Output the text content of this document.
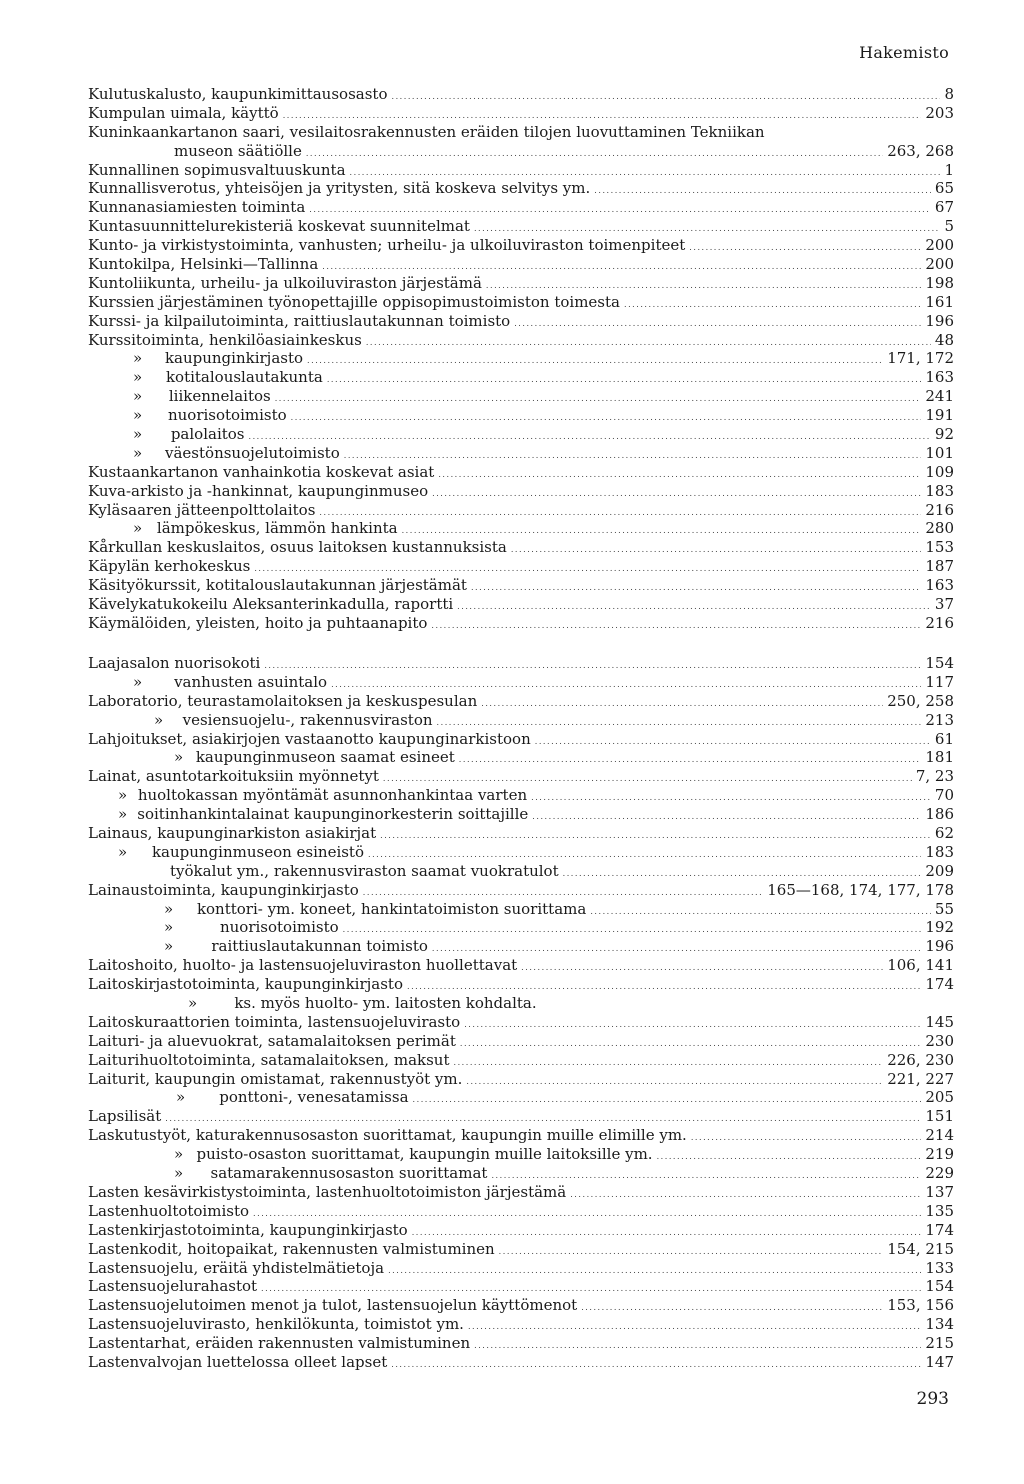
Hakemisto
Kulutuskalusto, kaupunkimittausosasto . . .	8
Kumpulan uimala, käyttö . . .	203
Kuninkaankartanon saari, vesilaitosrakennusten eräiden tilojen luovuttaminen Tekniikan
museon säätiölle . . .	263, 268
Kunnallinen sopimusvaltuuskunta . . .	1
Kunnallisverotus, yhteisöjen ja yritysten, sitä koskeva selvitys ym. . . .	65
Kunnanasiamiesten toiminta . . .	67
Kuntasuunnittelurekisteriä koskevat suunnitelmat . . .	5
Kunto- ja virkistystoiminta, vanhusten; urheilu- ja ulkoiluviraston toimenpiteet . . .	200
Kuntokilpa, Helsinki—Tallinna . . .	200
Kuntoliikunta, urheilu- ja ulkoiluviraston järjestämä . . .	198
Kurssien järjestäminen työnopettajille oppisopimustoimiston toimesta . . .	161
Kurssi- ja kilpailutoiminta, raittiuslautakunnan toimisto . . .	196
Kurssitoiminta, henkilöasiainkeskus . . .	48
»	kaupunginkirjasto . . .	171, 172
»	kotitalouslautakunta . . .	163
»	liikennelaitos . . .	241
»	nuorisotoimisto . . .	191
»	palolaitos . . .	92
»	väestönsuojelutoimisto . . .	101
Kustaankartanon vanhainkotia koskevat asiat . . .	109
Kuva-arkisto ja -hankinnat, kaupunginmuseo . . .	183
Kyläsaaren jätteenpolttolaitos . . .	216
» lämpökeskus, lämmön hankinta . . .	280
Kårkullan keskuslaitos, osuus laitoksen kustannuksista . . .	153
Käpylän kerhokeskus . . .	187
Käsityökurssit, kotitalouslautakunnan järjestämät . . .	163
Kävelykatukokeilu Aleksanterinkadulla, raportti . . .	37
Käymälöiden, yleisten, hoito ja puhtaanapito . . .	216
Laajasalon nuorisokoti . . .	154
»	vanhusten asuintalo . . .	117
Laboratorio, teurastamolaitoksen ja keskuspesulan . . .	250, 258
»	vesiensuojelu-, rakennusviraston . . .	213
Lahjoitukset, asiakirjojen vastaanotto kaupunginarkistoon . . .	61
» kaupunginmuseon saamat esineet . . .	181
Lainat, asuntotarkoituksiin myönnetyt . . .	7, 23
» huoltokassan myöntämät asunnonhankintaa varten . . .	70
» soitinhankintalainat kaupunginorkesterin soittajille . . .	186
Lainaus, kaupunginarkiston asiakirjat . . .	62
»	kaupunginmuseon esineistö . . .	183
työkalut ym., rakennusviraston saamat vuokratulot . . .	209
Lainaustoiminta, kaupunginkirjasto . . .	165—168, 174, 177, 178
»	konttori- ym. koneet, hankintatoimiston suorittama . . .	55
»	nuorisotoimisto . . .	192
»	raittiuslautakunnan toimisto . . .	196
Laitoshoito, huolto- ja lastensuojeluviraston huollettavat . . .	106, 141
Laitoskirjastotoiminta, kaupunginkirjasto . . .	174
»	ks. myös huolto- ym. laitosten kohdalta.
Laitoskuraattorien toiminta, lastensuojeluvirasto . . .	145
Laituri- ja aluevuokrat, satamalaitoksen perimät . . .	230
Laiturihuoltotoiminta, satamalaitoksen, maksut . . .	226, 230
Laiturit, kaupungin omistamat, rakennustyöt ym. . . .	221, 227
»	ponttoni-, venesatamissa . . .	205
Lapsilisät . . .	151
Laskutustyöt, katurakennusosaston suorittamat, kaupungin muille elimille ym. . . .	214
» puisto-osaston suorittamat, kaupungin muille laitoksille ym. . . .	219
»	satamarakennusosaston suorittamat . . .	229
Lasten kesävirkistystoiminta, lastenhuoltotoimiston järjestämä . . .	137
Lastenhuoltotoimisto . . .	135
Lastenkirjastotoiminta, kaupunginkirjasto . . .	174
Lastenkodit, hoitopaikat, rakennusten valmistuminen . . .	154, 215
Lastensuojelu, eräitä yhdistelmätietoja . . .	133
Lastensuojelurahastot . . .	154
Lastensuojelutoimen menot ja tulot, lastensuojelun käyttömenot . . .	153, 156
Lastensuojeluvirasto, henkilökunta, toimistot ym. . . .	134
Lastentarhat, eräiden rakennusten valmistuminen . . .	215
Lastenvalvojan luettelossa olleet lapset . . .	147
293
